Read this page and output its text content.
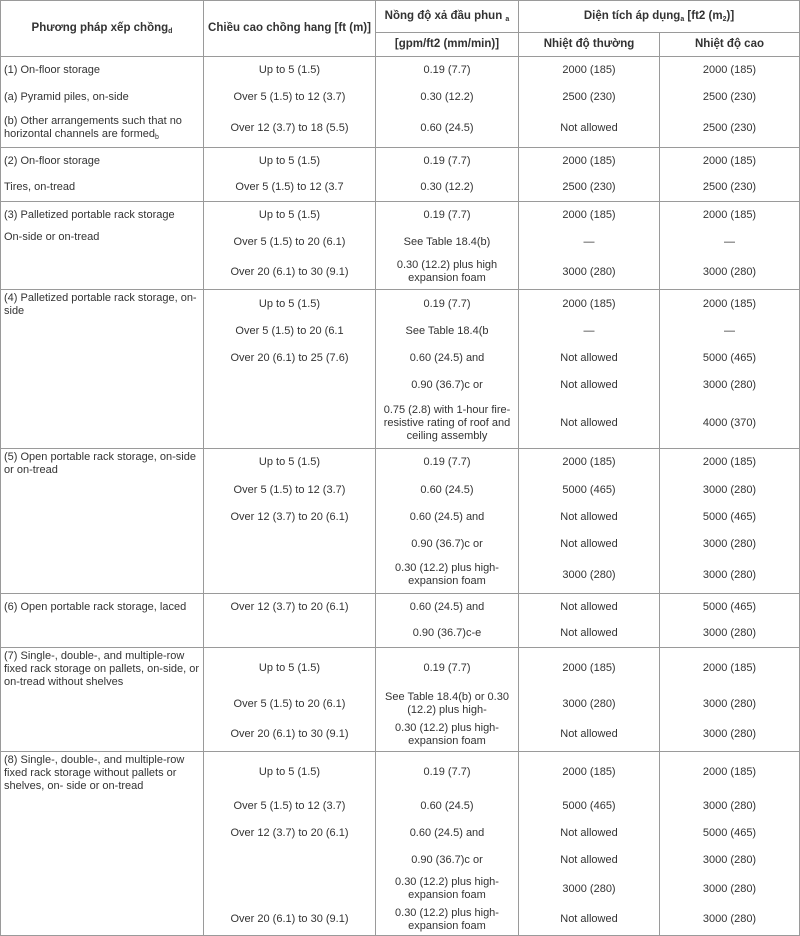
Phương pháp xếp chồng$_d$	Chiều cao chồng hang [ft (m)]	Nồng độ xả đầu phun $_a$	Diện tích áp dụng$_a$ [ft2 $(m_2)$]	
		[gpm/ft2 (mm/min)]	Nhiệt độ thường	Nhiệt độ cao

(1) On-floor storage	Up to 5 (1.5)	0.19 (7.7)	2000 (185)	2000 (185)

(a) Pyramid piles, on-side	Over 5 (1.5) to 12 (3.7)	0.30 (12.2)	2500 (230)	2500 (230)

(b) Other arrangements such that no horizontal channels are formed$_b$	Over 12 (3.7) to 18 (5.5)	0.60 (24.5)	Not allowed	2500 (230)

(2) On-floor storage	Up to 5 (1.5)	0.19 (7.7)	2000 (185)	2000 (185)

Tires, on-tread	Over 5 (1.5) to 12 (3.7	0.30 (12.2)	2500 (230)	2500 (230)

(3) Palletized portable rack storage	Up to 5 (1.5)	0.19 (7.7)	2000 (185)	2000 (185)

On-side or on-tread	Over 5 (1.5) to 20 (6.1)	See Table 18.4(b)	—	—

	Over 20 (6.1) to 30 (9.1)	0.30 (12.2) plus high expansion foam	3000 (280)	3000 (280)

(4) Palletized portable rack storage, on-side	Up to 5 (1.5)	0.19 (7.7)	2000 (185)	2000 (185)

	Over 5 (1.5) to 20 (6.1	See Table 18.4(b	—	—

	Over 20 (6.1) to 25 (7.6)	0.60 (24.5) and	Not allowed	5000 (465)

		0.90 (36.7)c or	Not allowed	3000 (280)

		0.75 (2.8) with 1-hour fire-resistive rating of roof and ceiling assembly	Not allowed	4000 (370)

(5) Open portable rack storage, on-side or on-tread	Up to 5 (1.5)	0.19 (7.7)	2000 (185)	2000 (185)

	Over 5 (1.5) to 12 (3.7)	0.60 (24.5)	5000 (465)	3000 (280)

	Over 12 (3.7) to 20 (6.1)	0.60 (24.5) and	Not allowed	5000 (465)

		0.90 (36.7)c or	Not allowed	3000 (280)

		0.30 (12.2) plus high-expansion foam	3000 (280)	3000 (280)

(6) Open portable rack storage, laced	Over 12 (3.7) to 20 (6.1)	0.60 (24.5) and	Not allowed	5000 (465)

		0.90 (36.7)c-e	Not allowed	3000 (280)

(7) Single-, double-, and multiple-row fixed rack storage on pallets, on-side, or on-tread without shelves	Up to 5 (1.5)	0.19 (7.7)	2000 (185)	2000 (185)

	Over 5 (1.5) to 20 (6.1)	See Table 18.4(b) or 0.30 (12.2) plus high-	3000 (280)	3000 (280)

	Over 20 (6.1) to 30 (9.1)	0.30 (12.2) plus high-expansion foam	Not allowed	3000 (280)

(8) Single-, double-, and multiple-row fixed rack storage without pallets or shelves, on- side or on-tread	Up to 5 (1.5)	0.19 (7.7)	2000 (185)	2000 (185)

	Over 5 (1.5) to 12 (3.7)	0.60 (24.5)	5000 (465)	3000 (280)

	Over 12 (3.7) to 20 (6.1)	0.60 (24.5) and	Not allowed	5000 (465)

		0.90 (36.7)c or	Not allowed	3000 (280)

		0.30 (12.2) plus high-expansion foam	3000 (280)	3000 (280)

	Over 20 (6.1) to 30 (9.1)	0.30 (12.2) plus high-expansion foam	Not allowed	3000 (280)
